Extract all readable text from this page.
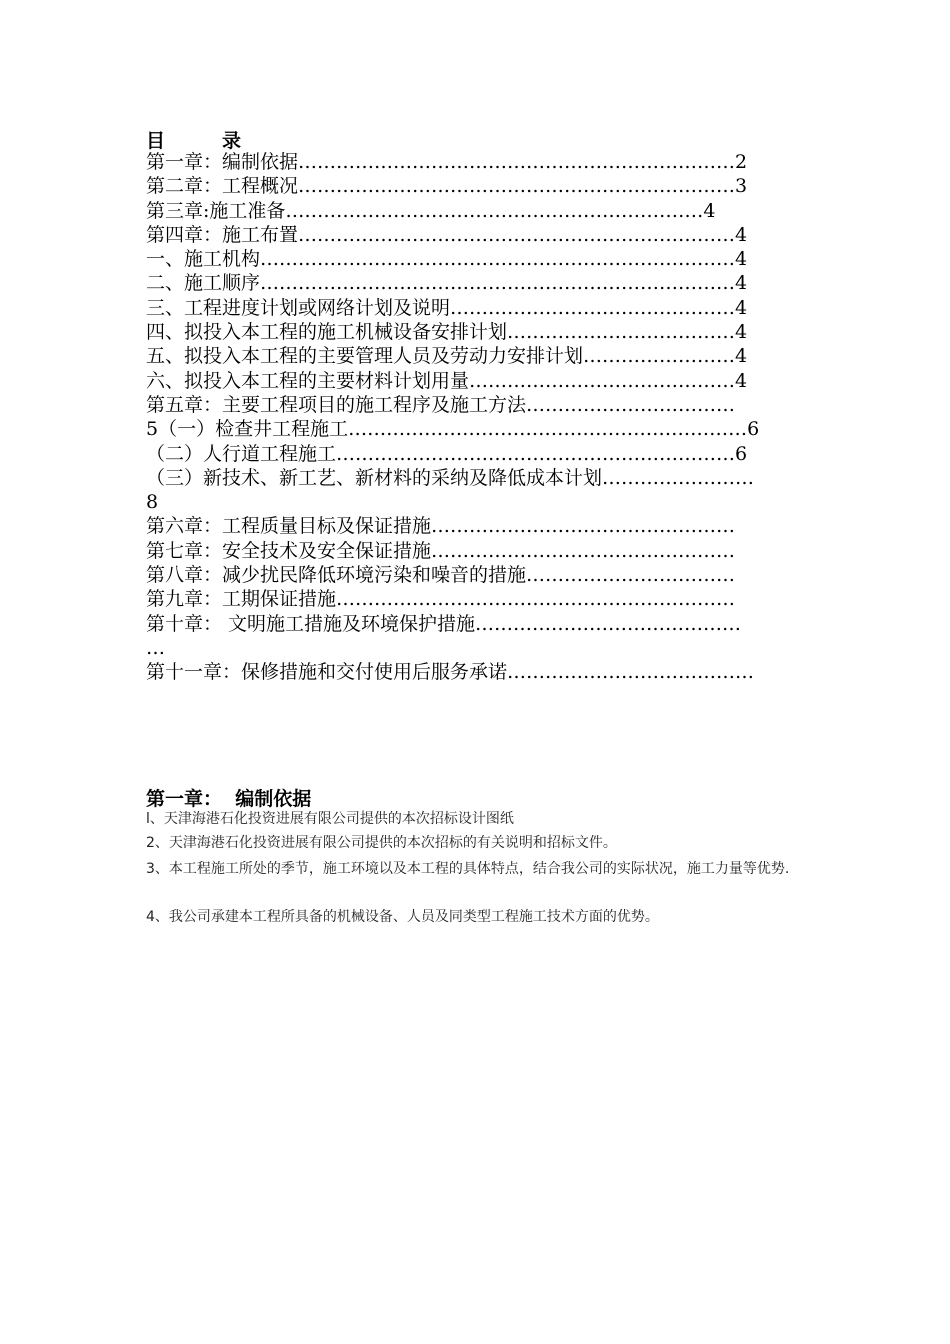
目　　　录
第一章：编制依据……………………………………………………………2
第二章：工程概况……………………………………………………………3
第三章:施工准备…………………………………………………………4
第四章：施工布置……………………………………………………………4
一、施工机构…………………………………………………………………4
二、施工顺序…………………………………………………………………4
三、工程进度计划或网络计划及说明………………………………………4
四、拟投入本工程的施工机械设备安排计划………………………………4
五、拟投入本工程的主要管理人员及劳动力安排计划……………………4
六、拟投入本工程的主要材料计划用量……………………………………4
第五章：主要工程项目的施工程序及施工方法……………………………
5（一）检查井工程施工………………………………………………………6
（二）人行道工程施工………………………………………………………6
（三）新技术、新工艺、新材料的采纳及降低成本计划……………………
8
第六章：工程质量目标及保证措施…………………………………………
第七章：安全技术及安全保证措施…………………………………………
第八章：减少扰民降低环境污染和噪音的措施……………………………
第九章：工期保证措施………………………………………………………
第十章： 文明施工措施及环境保护措施……………………………………
…
第十一章：保修措施和交付使用后服务承诺…………………………………
第一章：  编制依据
l、天津海港石化投资进展有限公司提供的本次招标设计图纸
2、天津海港石化投资进展有限公司提供的本次招标的有关说明和招标文件。
3、本工程施工所处的季节，施工环境以及本工程的具体特点，结合我公司的实际状况，施工力量等优势.
4、我公司承建本工程所具备的机械设备、人员及同类型工程施工技术方面的优势。
